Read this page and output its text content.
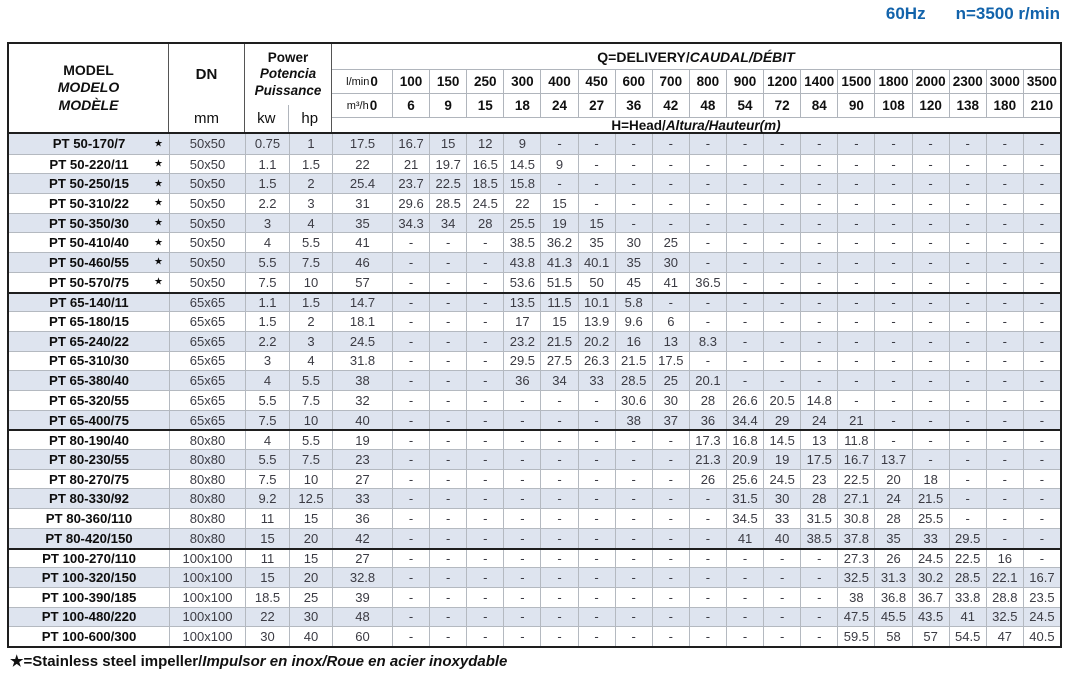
60Hz n=3500 r/min
MODEL
MODELO
MODÈLE
DN
mm
Power
Potencia
Puissance
kw	hp
Q=DELIVERY/ CAUDAL/DÉBIT
l/min 0	100	150	250	300	400	450	600	700	800	900 1200 1400 1500 1800 2000 2300 3000 3500
m³/h 0	6	9	15	18	24	27	36	42	48	54	72	84	90	108	120	138	180	210
H=Head/ Altura/Hauteur(m)
PT 50-170/7	★	50x50	0.75	1	17.5	16.7	15	12	9	-	-	-	-	-	-	-	-	-	-	-	-	-	-
PT 50-220/11	★	50x50	1.1	1.5	22	21	19.7 16.5 14.5	9	-	-	-	-	-	-	-	-	-	-	-	-	-
PT 50-250/15	★	50x50	1.5	2	25.4	23.7 22.5 18.5 15.8	-	-	-	-	-	-	-	-	-	-	-	-	-	-
PT 50-310/22	★	50x50	2.2	3	31	29.6 28.5 24.5	22	15	-	-	-	-	-	-	-	-	-	-	-	-	-
PT 50-350/30	★	50x50	3	4	35	34.3	34	28	25.5	19	15	-	-	-	-	-	-	-	-	-	-	-	-
PT 50-410/40	★	50x50	4	5.5	41	-	-	-	38.5 36.2	35	30	25	-	-	-	-	-	-	-	-	-	-
PT 50-460/55	★	50x50	5.5	7.5	46	-	-	-	43.8 41.3 40.1	35	30	-	-	-	-	-	-	-	-	-	-
PT 50-570/75	★	50x50	7.5	10	57	-	-	-	53.6 51.5	50	45	41	36.5	-	-	-	-	-	-	-	-	-
PT 65-140/11	65x65	1.1	1.5	14.7	-	-	-	13.5 11.5 10.1	5.8	-	-	-	-	-	-	-	-	-	-	-
PT 65-180/15	65x65	1.5	2	18.1	-	-	-	17	15	13.9	9.6	6	-	-	-	-	-	-	-	-	-	-
PT 65-240/22	65x65	2.2	3	24.5	-	-	-	23.2 21.5 20.2	16	13	8.3	-	-	-	-	-	-	-	-	-
PT 65-310/30	65x65	3	4	31.8	-	-	-	29.5 27.5 26.3 21.5 17.5	-	-	-	-	-	-	-	-	-	-
PT 65-380/40	65x65	4	5.5	38	-	-	-	36	34	33	28.5	25	20.1	-	-	-	-	-	-	-	-	-
PT 65-320/55	65x65	5.5	7.5	32	-	-	-	-	-	-	30.6	30	28	26.6 20.5 14.8	-	-	-	-	-	-
PT 65-400/75	65x65	7.5	10	40	-	-	-	-	-	-	38	37	36	34.4	29	24	21	-	-	-	-	-
PT 80-190/40	80x80	4	5.5	19	-	-	-	-	-	-	-	-	17.3 16.8 14.5	13	11.8	-	-	-	-	-
PT 80-230/55	80x80	5.5	7.5	23	-	-	-	-	-	-	-	-	21.3 20.9	19	17.5 16.7 13.7	-	-	-	-
PT 80-270/75	80x80	7.5	10	27	-	-	-	-	-	-	-	-	26	25.6 24.5	23	22.5	20	18	-	-	-
PT 80-330/92	80x80	9.2	12.5	33	-	-	-	-	-	-	-	-	-	31.5	30	28	27.1	24	21.5	-	-	-
PT 80-360/110	80x80	11	15	36	-	-	-	-	-	-	-	-	-	34.5	33	31.5 30.8	28	25.5	-	-	-
PT 80-420/150	80x80	15	20	42	-	-	-	-	-	-	-	-	-	41	40	38.5 37.8	35	33	29.5	-	-
PT 100-270/110	100x100	11	15	27	-	-	-	-	-	-	-	-	-	-	-	-	27.3	26	24.5 22.5	16	-
PT 100-320/150	100x100	15	20	32.8	-	-	-	-	-	-	-	-	-	-	-	-	32.5 31.3 30.2 28.5 22.1 16.7
PT 100-390/185	100x100	18.5	25	39	-	-	-	-	-	-	-	-	-	-	-	-	38	36.8 36.7 33.8 28.8 23.5
PT 100-480/220	100x100	22	30	48	-	-	-	-	-	-	-	-	-	-	-	-	47.5 45.5 43.5	41	32.5 24.5
PT 100-600/300	100x100	30	40	60	-	-	-	-	-	-	-	-	-	-	-	-	59.5	58	57	54.5	47	40.5
★=Stainless steel impeller/Impulsor en inox/Roue en acier inoxydable
